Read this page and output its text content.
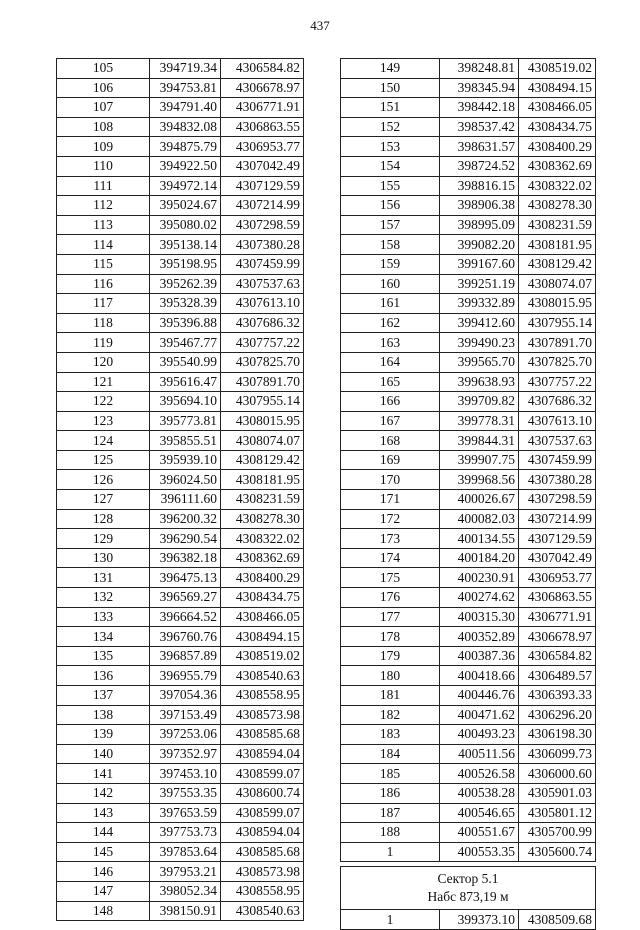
437
105	394719.34	4306584.82
106	394753.81	4306678.97
107	394791.40	4306771.91
108	394832.08	4306863.55
109	394875.79	4306953.77
110	394922.50	4307042.49
111	394972.14	4307129.59
112	395024.67	4307214.99
113	395080.02	4307298.59
114	395138.14	4307380.28
115	395198.95	4307459.99
116	395262.39	4307537.63
117	395328.39	4307613.10
118	395396.88	4307686.32
119	395467.77	4307757.22
120	395540.99	4307825.70
121	395616.47	4307891.70
122	395694.10	4307955.14
123	395773.81	4308015.95
124	395855.51	4308074.07
125	395939.10	4308129.42
126	396024.50	4308181.95
127	396111.60	4308231.59
128	396200.32	4308278.30
129	396290.54	4308322.02
130	396382.18	4308362.69
131	396475.13	4308400.29
132	396569.27	4308434.75
133	396664.52	4308466.05
134	396760.76	4308494.15
135	396857.89	4308519.02
136	396955.79	4308540.63
137	397054.36	4308558.95
138	397153.49	4308573.98
139	397253.06	4308585.68
140	397352.97	4308594.04
141	397453.10	4308599.07
142	397553.35	4308600.74
143	397653.59	4308599.07
144	397753.73	4308594.04
145	397853.64	4308585.68
146	397953.21	4308573.98
147	398052.34	4308558.95
148	398150.91	4308540.63
149	398248.81	4308519.02
150	398345.94	4308494.15
151	398442.18	4308466.05
152	398537.42	4308434.75
153	398631.57	4308400.29
154	398724.52	4308362.69
155	398816.15	4308322.02
156	398906.38	4308278.30
157	398995.09	4308231.59
158	399082.20	4308181.95
159	399167.60	4308129.42
160	399251.19	4308074.07
161	399332.89	4308015.95
162	399412.60	4307955.14
163	399490.23	4307891.70
164	399565.70	4307825.70
165	399638.93	4307757.22
166	399709.82	4307686.32
167	399778.31	4307613.10
168	399844.31	4307537.63
169	399907.75	4307459.99
170	399968.56	4307380.28
171	400026.67	4307298.59
172	400082.03	4307214.99
173	400134.55	4307129.59
174	400184.20	4307042.49
175	400230.91	4306953.77
176	400274.62	4306863.55
177	400315.30	4306771.91
178	400352.89	4306678.97
179	400387.36	4306584.82
180	400418.66	4306489.57
181	400446.76	4306393.33
182	400471.62	4306296.20
183	400493.23	4306198.30
184	400511.56	4306099.73
185	400526.58	4306000.60
186	400538.28	4305901.03
187	400546.65	4305801.12
188	400551.67	4305700.99
1	400553.35	4305600.74

Сектор 5.1
Набс 873,19 м		

1	399373.10	4308509.68
